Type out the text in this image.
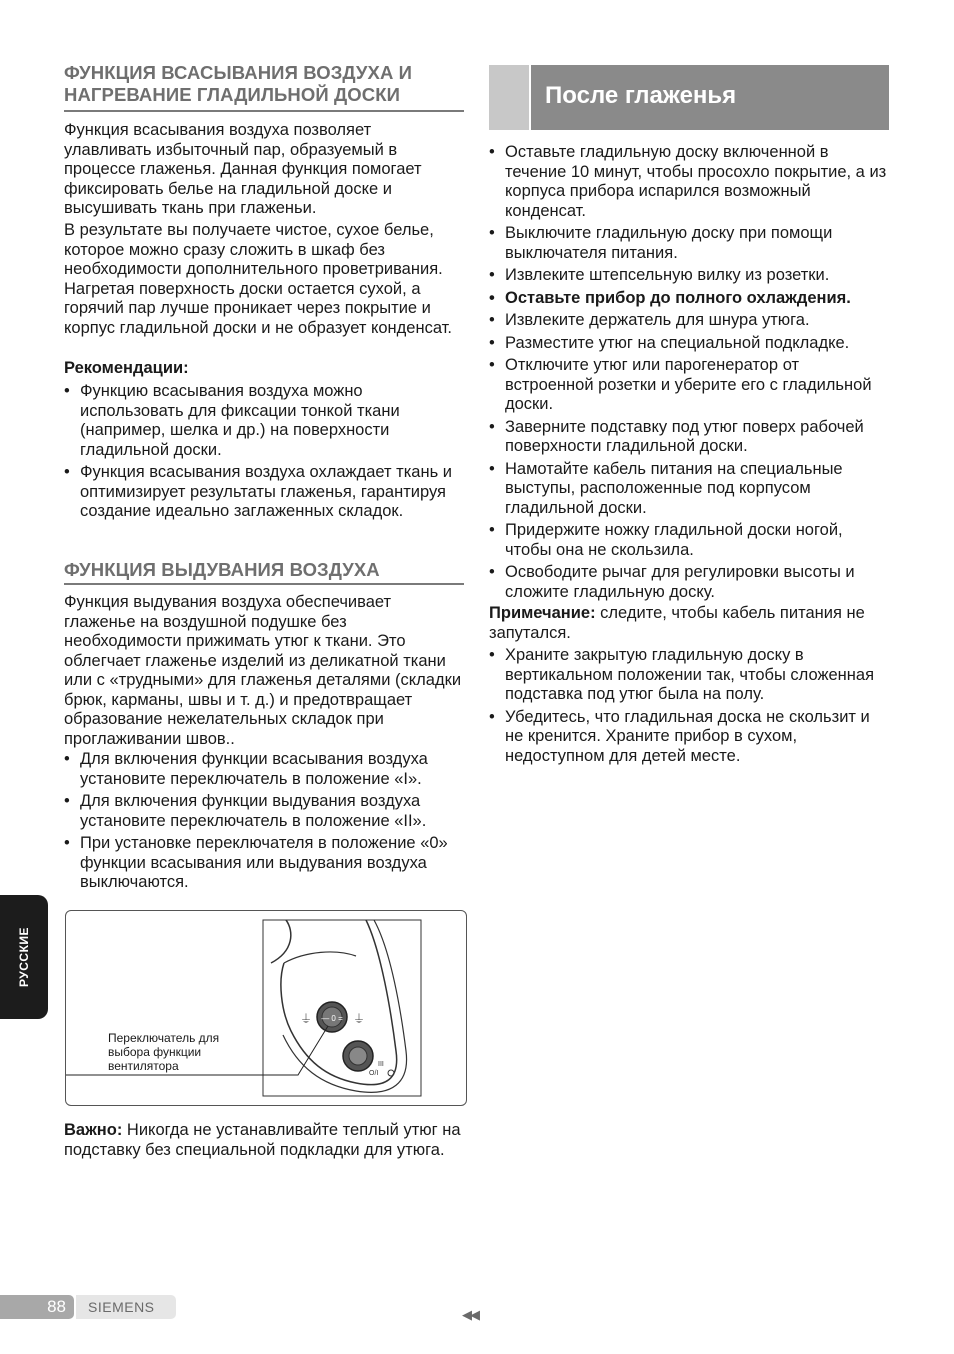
ФУНКЦИЯ ВСАСЫВАНИЯ ВОЗДУХА И
НАГРЕВАНИЕ ГЛАДИЛЬНОЙ ДОСКИ

Функция всасывания воздуха позволяет улавливать избыточный пар, образуемый в процессе глаженья. Данная функция помогает фиксировать белье на гладильной доске и высушивать ткань при глаженьи.

В результате вы получаете чистое, сухое белье, которое можно сразу сложить в шкаф без необходимости дополнительного проветривания. Нагретая поверхность доски остается сухой, а горячий пар лучше проникает через покрытие и корпус гладильной доски и не образует конденсат.

Рекомендации:

• Функцию всасывания воздуха можно использовать для фиксации тонкой ткани (например, шелка и др.) на поверхности гладильной доски.
• Функция всасывания воздуха охлаждает ткань и оптимизирует результаты глаженья, гарантируя создание идеально заглаженных складок.
ФУНКЦИЯ ВЫДУВАНИЯ ВОЗДУХА

Функция выдувания воздуха обеспечивает глаженье на воздушной подушке без необходимости прижимать утюг к ткани. Это облегчает глаженье изделий из деликатной ткани или с «трудными» для глаженья деталями (складки брюк, карманы, швы и т. д.) и предотвращает образование нежелательных складок при проглаживании швов..

• Для включения функции всасывания воздуха установите переключатель в положение «I».
• Для включения функции выдувания воздуха установите переключатель в положение «II».
• При установке переключателя в положение «0» функции всасывания или выдувания воздуха выключаются.
— 0 =
⏚	⏚
III
O/I
Переключатель для
выбора функции
вентилятора

Важно: Никогда не устанавливайте теплый утюг на подставку без специальной подкладки для утюга.

После глаженья
• Оставьте гладильную доску включенной в течение 10 минут, чтобы просохло покрытие, а из корпуса прибора испарился возможный конденсат.
• Выключите гладильную доску при помощи выключателя питания.
• Извлеките штепсельную вилку из розетки.
• Оставьте прибор до полного охлаждения.
• Извлеките держатель для шнура утюга.
• Разместите утюг на специальной подкладке.
• Отключите утюг или парогенератор от встроенной розетки и уберите его с гладильной доски.
• Заверните подставку под утюг поверх рабочей поверхности гладильной доски.
• Намотайте кабель питания на специальные выступы, расположенные под корпусом гладильной доски.
• Придержите ножку гладильной доски ногой, чтобы она не скользила.
• Освободите рычаг для регулировки высоты и сложите гладильную доску.

Примечание: следите, чтобы кабель питания не запутался.

• Храните закрытую гладильную доску в вертикальном положении так, чтобы сложенная подставка под утюг была на полу.
• Убедитесь, что гладильная доска не скользит и не кренится. Храните прибор в сухом, недоступном для детей месте.
РУССКИЕ
88 SIEMENS	◀◀
